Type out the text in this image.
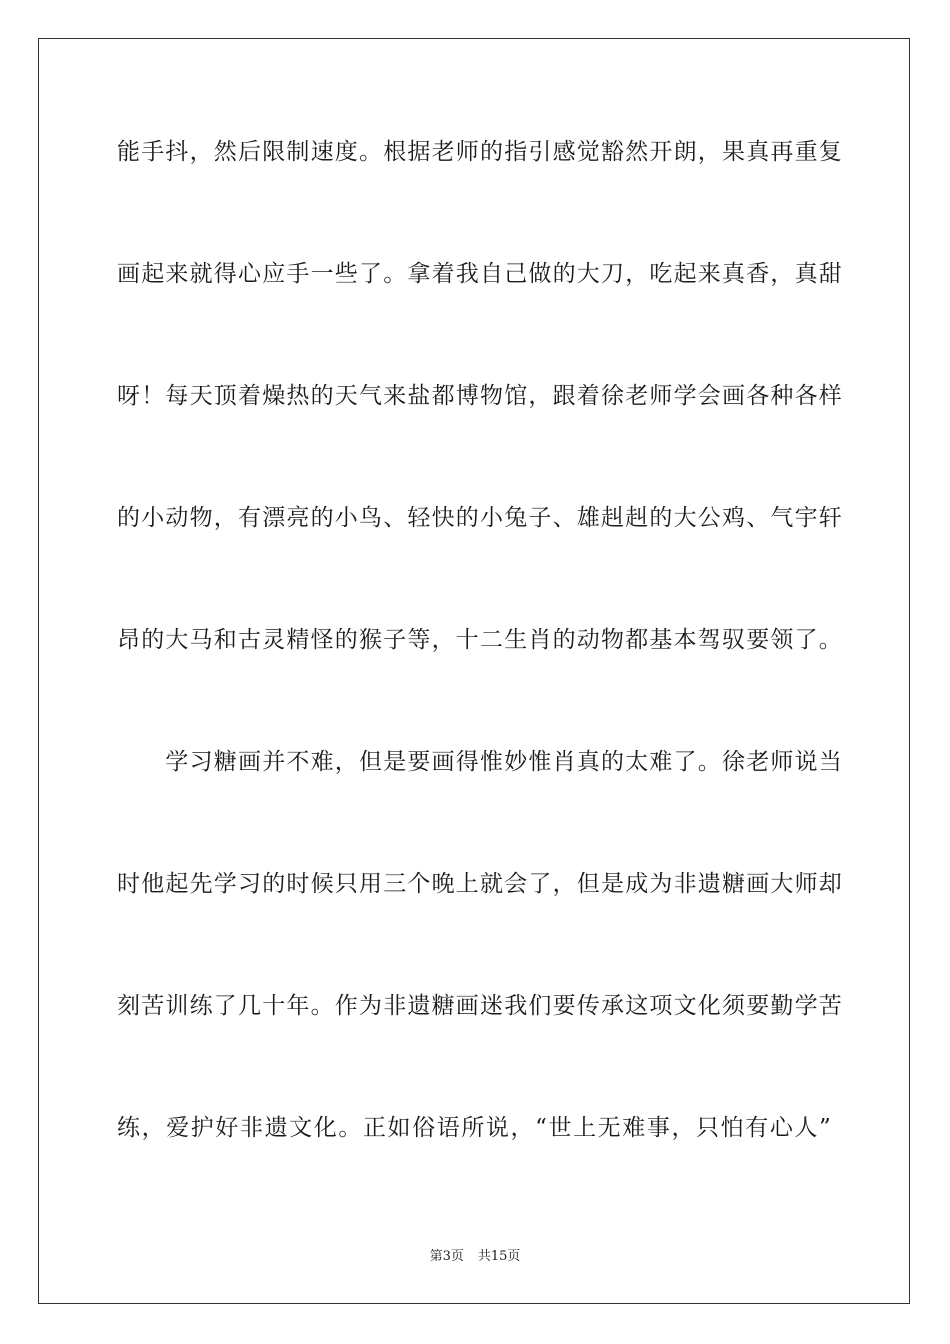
能手抖，然后限制速度。根据老师的指引感觉豁然开朗，果真再重复
画起来就得心应手一些了。拿着我自己做的大刀，吃起来真香，真甜
呀！每天顶着燥热的天气来盐都博物馆，跟着徐老师学会画各种各样
的小动物，有漂亮的小鸟、轻快的小兔子、雄赳赳的大公鸡、气宇轩
昂的大马和古灵精怪的猴子等，十二生肖的动物都基本驾驭要领了。
　　学习糖画并不难，但是要画得惟妙惟肖真的太难了。徐老师说当
时他起先学习的时候只用三个晚上就会了，但是成为非遗糖画大师却
刻苦训练了几十年。作为非遗糖画迷我们要传承这项文化须要勤学苦
练，爱护好非遗文化。正如俗语所说，“世上无难事，只怕有心人”
第3页 共15页
